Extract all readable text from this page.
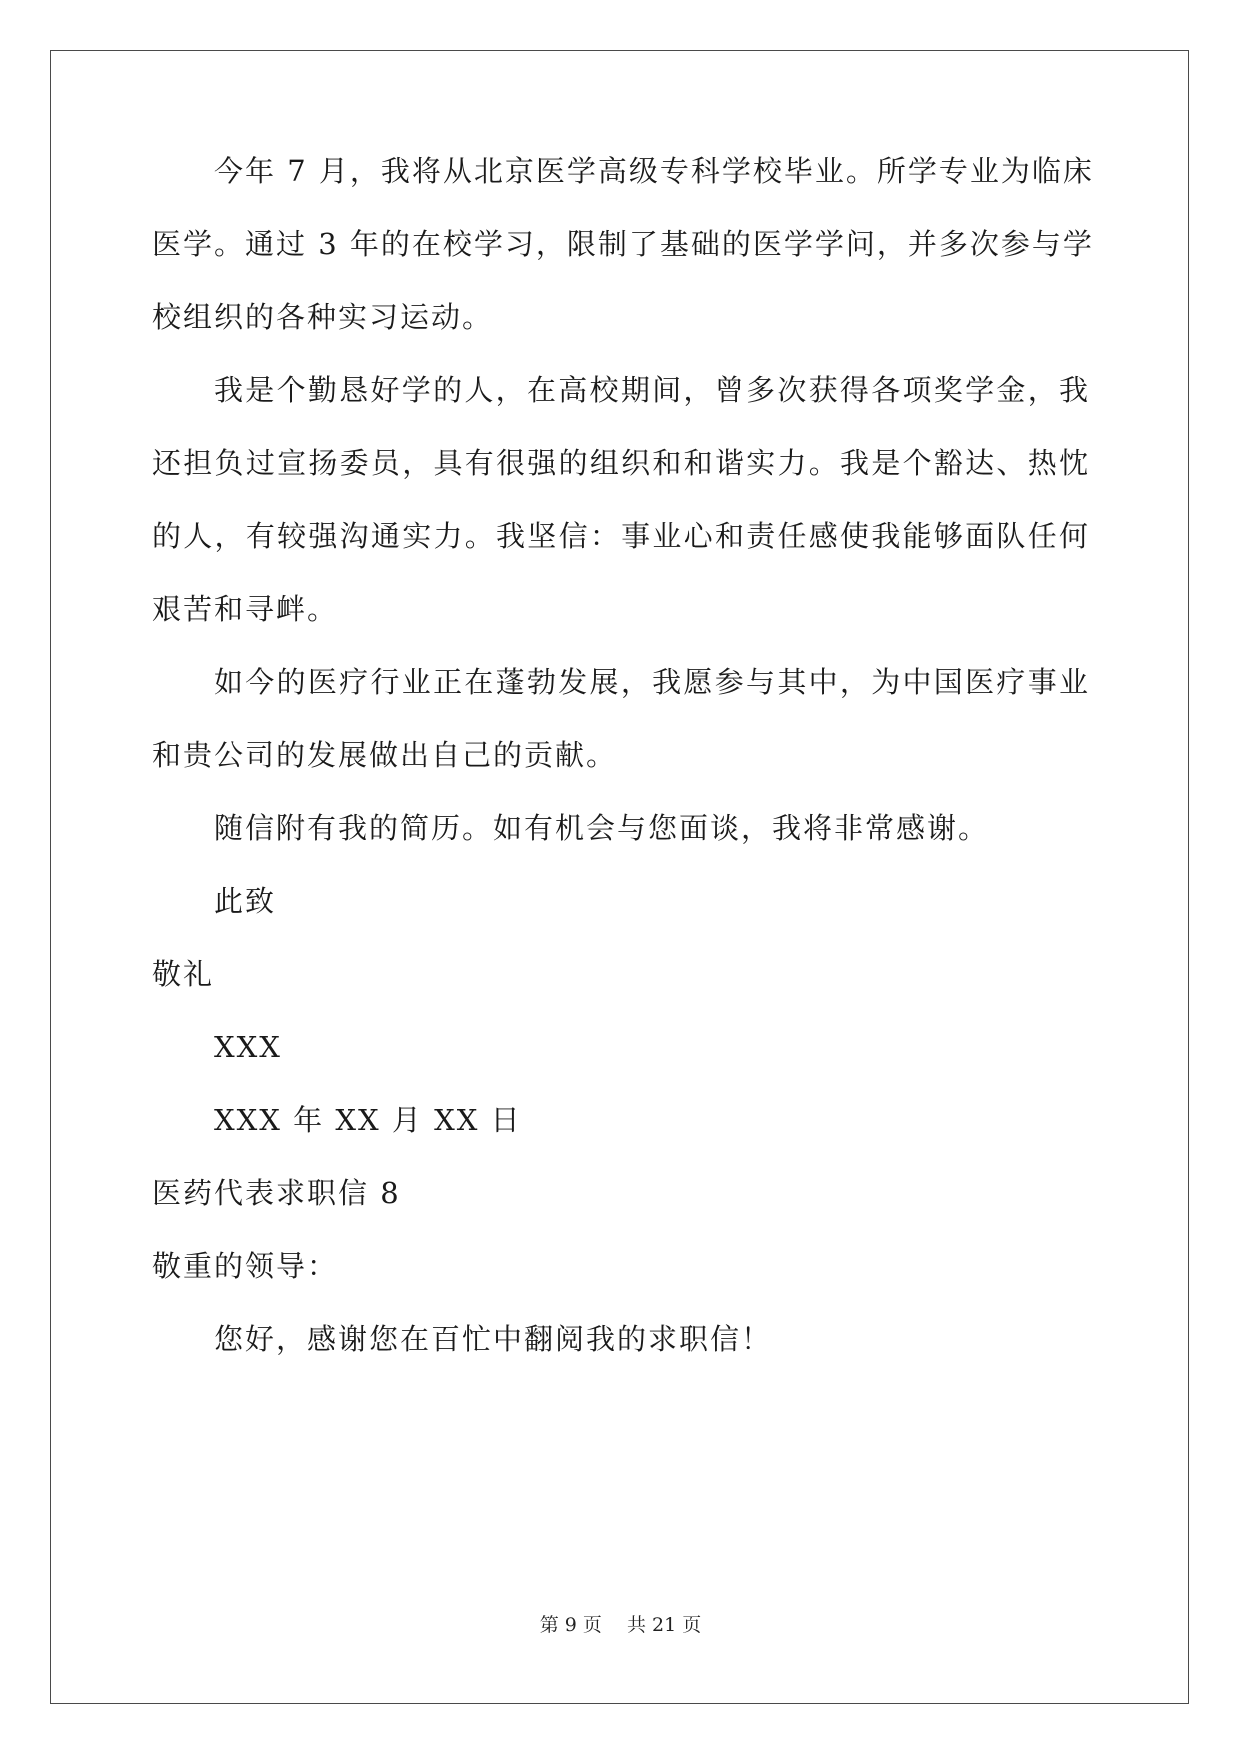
今年 7 月，我将从北京医学高级专科学校毕业。所学专业为临床
医学。通过 3 年的在校学习，限制了基础的医学学问，并多次参与学
校组织的各种实习运动。
我是个勤恳好学的人，在高校期间，曾多次获得各项奖学金，我
还担负过宣扬委员，具有很强的组织和和谐实力。我是个豁达、热忱
的人，有较强沟通实力。我坚信：事业心和责任感使我能够面队任何
艰苦和寻衅。
如今的医疗行业正在蓬勃发展，我愿参与其中，为中国医疗事业
和贵公司的发展做出自己的贡献。
随信附有我的简历。如有机会与您面谈，我将非常感谢。
此致
敬礼
XXX
XXX 年 XX 月 XX 日
医药代表求职信 8
敬重的领导：
您好，感谢您在百忙中翻阅我的求职信！
第 9 页　 共 21 页
